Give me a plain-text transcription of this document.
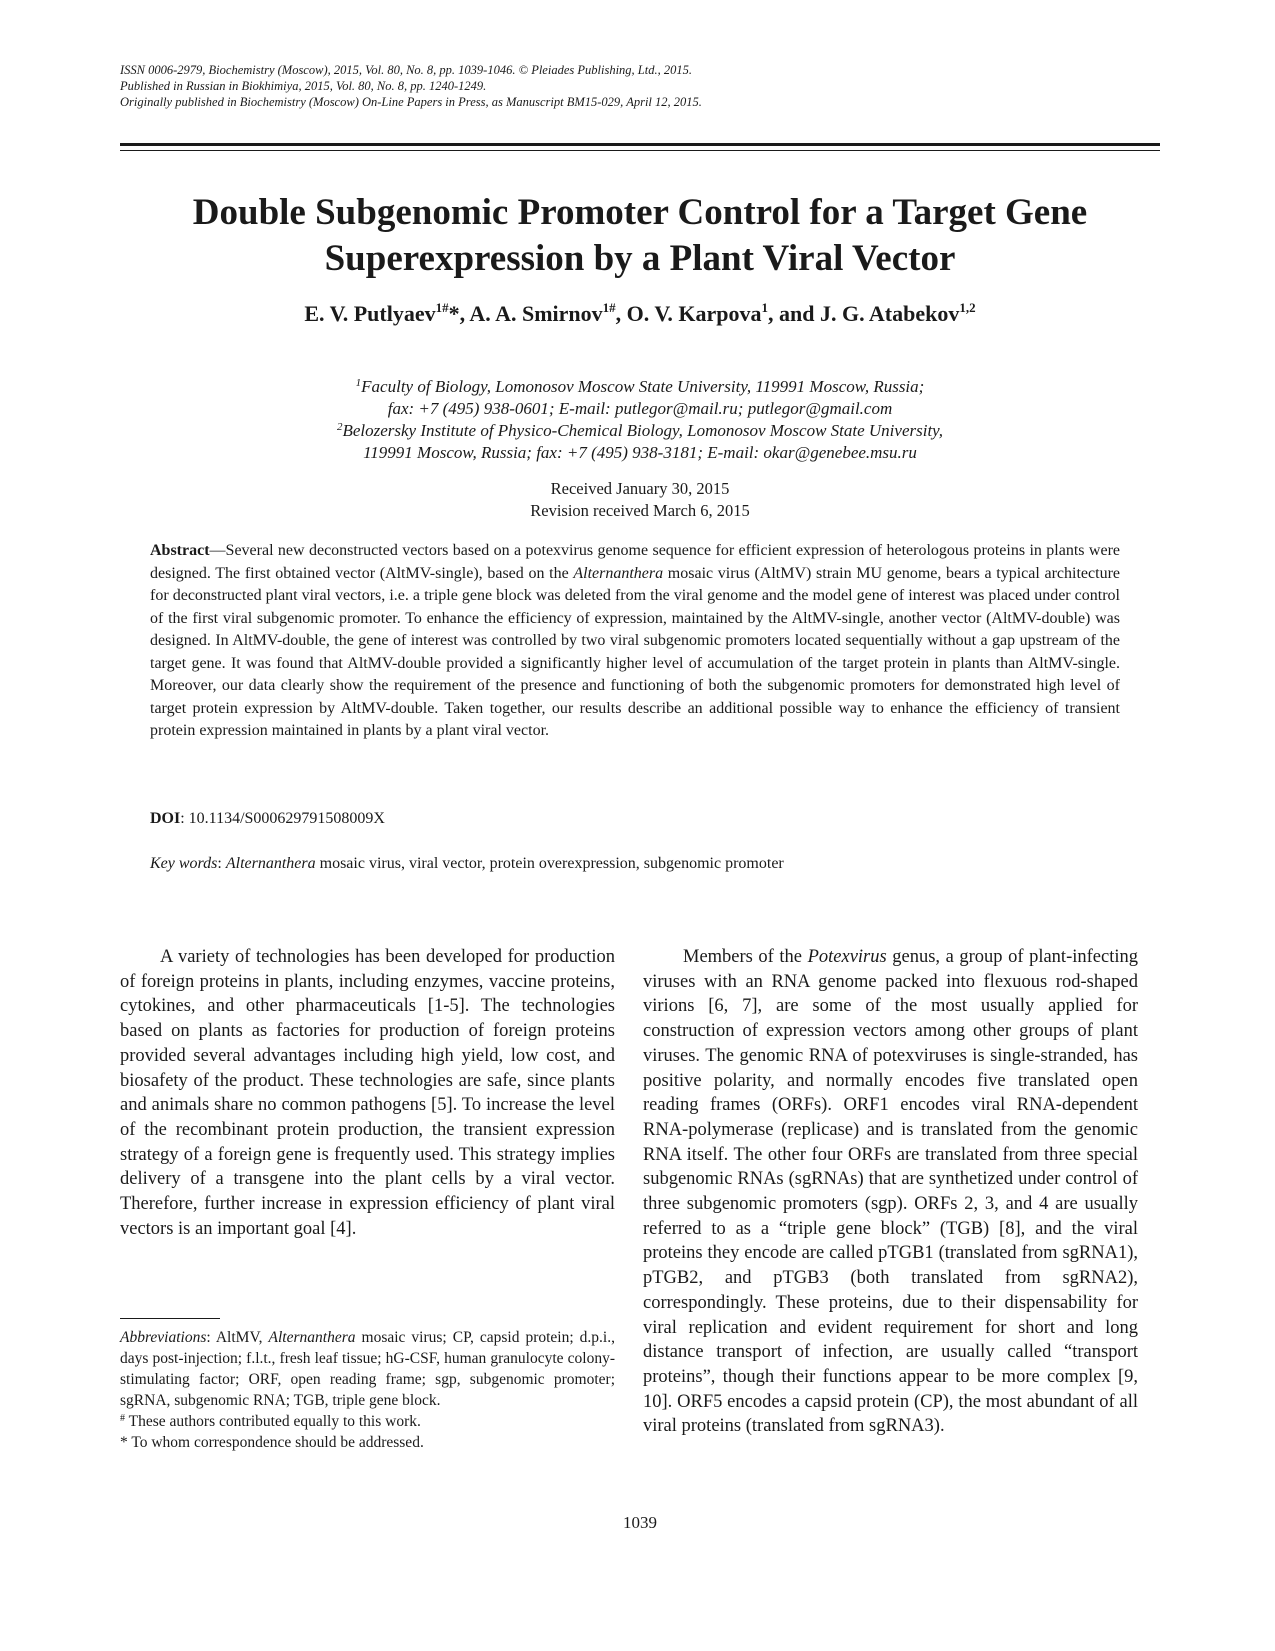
ISSN 0006-2979, Biochemistry (Moscow), 2015, Vol. 80, No. 8, pp. 1039-1046. © Pleiades Publishing, Ltd., 2015.
Published in Russian in Biokhimiya, 2015, Vol. 80, No. 8, pp. 1240-1249.
Originally published in Biochemistry (Moscow) On-Line Papers in Press, as Manuscript BM15-029, April 12, 2015.
Double Subgenomic Promoter Control for a Target Gene
Superexpression by a Plant Viral Vector
E. V. Putlyaev$^{1\#}$*, A. A. Smirnov$^{1\#}$, O. V. Karpova$^1$, and J. G. Atabekov$^{1,2}$
$^1$Faculty of Biology, Lomonosov Moscow State University, 119991 Moscow, Russia;
fax: +7 (495) 938-0601; E-mail: putlegor@mail.ru; putlegor@gmail.com
$^2$Belozersky Institute of Physico-Chemical Biology, Lomonosov Moscow State University,
119991 Moscow, Russia; fax: +7 (495) 938-3181; E-mail: okar@genebee.msu.ru
Received January 30, 2015
Revision received March 6, 2015
Abstract—Several new deconstructed vectors based on a potexvirus genome sequence for efficient expression of heterologous proteins in plants were designed. The first obtained vector (AltMV-single), based on the Alternanthera mosaic virus (AltMV) strain MU genome, bears a typical architecture for deconstructed plant viral vectors, i.e. a triple gene block was deleted from the viral genome and the model gene of interest was placed under control of the first viral subgenomic promoter. To enhance the efficiency of expression, maintained by the AltMV-single, another vector (AltMV-double) was designed. In AltMV-double, the gene of interest was controlled by two viral subgenomic promoters located sequentially without a gap upstream of the target gene. It was found that AltMV-double provided a significantly higher level of accumulation of the target protein in plants than AltMV-single. Moreover, our data clearly show the requirement of the presence and functioning of both the subgenomic promoters for demonstrated high level of target protein expression by AltMV-double. Taken together, our results describe an additional possible way to enhance the efficiency of transient protein expression maintained in plants by a plant viral vector.
DOI: 10.1134/S000629791508009X
Key words: Alternanthera mosaic virus, viral vector, protein overexpression, subgenomic promoter

A variety of technologies has been developed for production of foreign proteins in plants, including enzymes, vaccine proteins, cytokines, and other pharmaceuticals [1-5]. The technologies based on plants as factories for production of foreign proteins provided several advantages including high yield, low cost, and biosafety of the product. These technologies are safe, since plants and animals share no common pathogens [5]. To increase the level of the recombinant protein production, the transient expression strategy of a foreign gene is frequently used. This strategy implies delivery of a transgene into the plant cells by a viral vector. Therefore, further increase in expression efficiency of plant viral vectors is an important goal [4].

Members of the Potexvirus genus, a group of plant-infecting viruses with an RNA genome packed into flexuous rod-shaped virions [6, 7], are some of the most usually applied for construction of expression vectors among other groups of plant viruses. The genomic RNA of potexviruses is single-stranded, has positive polarity, and normally encodes five translated open reading frames (ORFs). ORF1 encodes viral RNA-dependent RNA-polymerase (replicase) and is translated from the genomic RNA itself. The other four ORFs are translated from three special subgenomic RNAs (sgRNAs) that are synthetized under control of three subgenomic promoters (sgp). ORFs 2, 3, and 4 are usually referred to as a “triple gene block” (TGB) [8], and the viral proteins they encode are called pTGB1 (translated from sgRNA1), pTGB2, and pTGB3 (both translated from sgRNA2), correspondingly. These proteins, due to their dispensability for viral replication and evident requirement for short and long distance transport of infection, are usually called “transport proteins”, though their functions appear to be more complex [9, 10]. ORF5 encodes a capsid protein (CP), the most abundant of all viral proteins (translated from sgRNA3).

Abbreviations: AltMV, Alternanthera mosaic virus; CP, capsid protein; d.p.i., days post-injection; f.l.t., fresh leaf tissue; hG-CSF, human granulocyte colony-stimulating factor; ORF, open reading frame; sgp, subgenomic promoter; sgRNA, subgenomic RNA; TGB, triple gene block.

# These authors contributed equally to this work.

* To whom correspondence should be addressed.

1039
